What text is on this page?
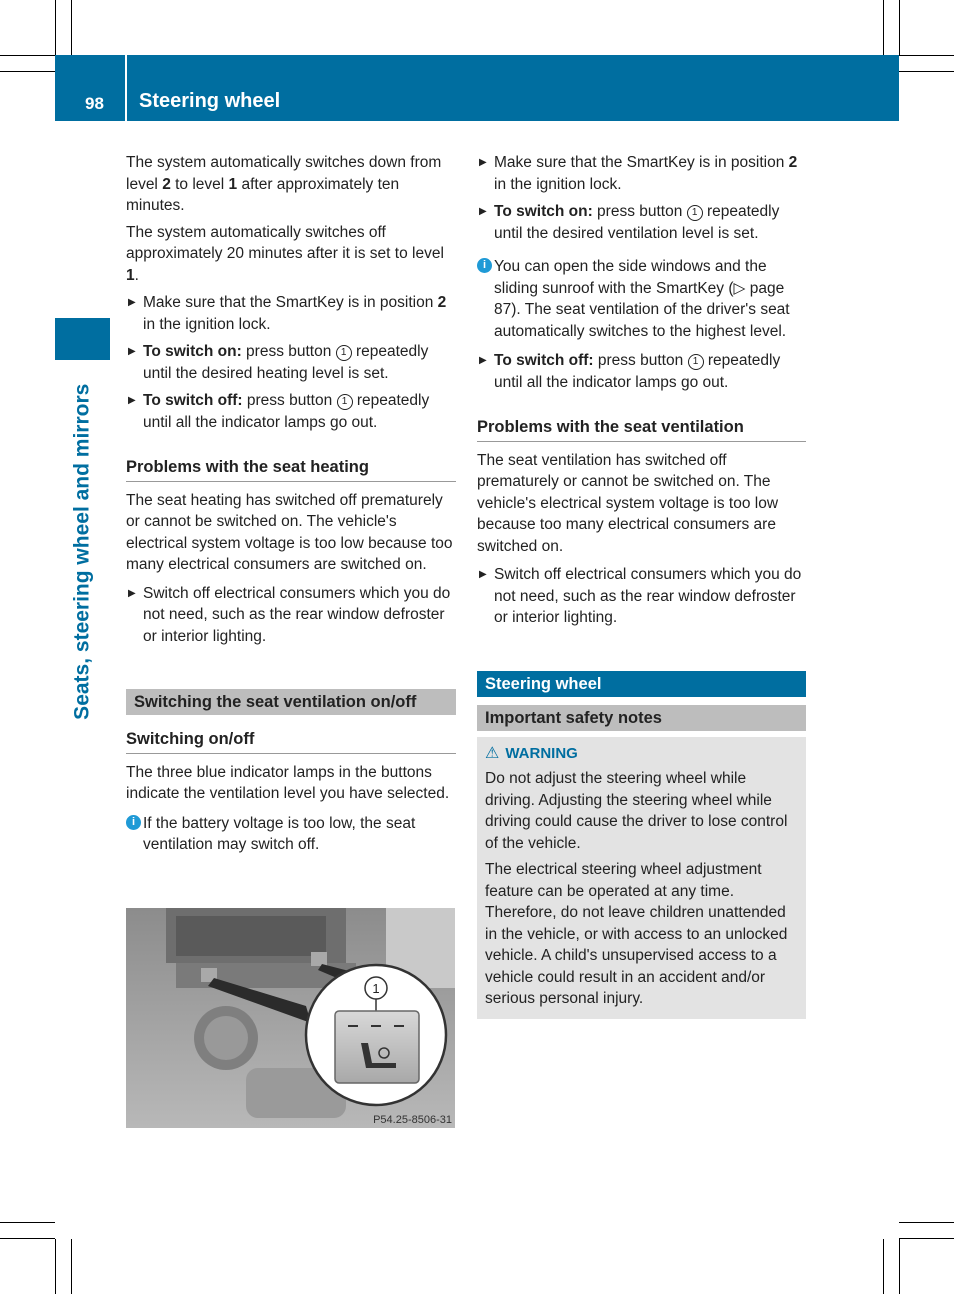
98 Steering wheel
Seats, steering wheel and mirrors

The system automatically switches down from level 2 to level 1 after approximately ten minutes.

The system automatically switches off approximately 20 minutes after it is set to level 1.

▶ Make sure that the SmartKey is in position 2 in the ignition lock.
▶ To switch on: press button 1 repeatedly until the desired heating level is set.
▶ To switch off: press button 1 repeatedly until all the indicator lamps go out.
Problems with the seat heating

The seat heating has switched off prematurely or cannot be switched on. The vehicle's electrical system voltage is too low because too many electrical consumers are switched on.

▶ Switch off electrical consumers which you do not need, such as the rear window defroster or interior lighting.
Switching the seat ventilation on/off
Switching on/off

The three blue indicator lamps in the buttons indicate the ventilation level you have selected.

i If the battery voltage is too low, the seat ventilation may switch off.
1
P54.25-8506-31
▶ Make sure that the SmartKey is in position 2 in the ignition lock.
▶ To switch on: press button 1 repeatedly until the desired ventilation level is set.
i You can open the side windows and the sliding sunroof with the SmartKey (▷ page 87). The seat ventilation of the driver's seat automatically switches to the highest level.
▶ To switch off: press button 1 repeatedly until all the indicator lamps go out.
Problems with the seat ventilation

The seat ventilation has switched off prematurely or cannot be switched on. The vehicle's electrical system voltage is too low because too many electrical consumers are switched on.

▶ Switch off electrical consumers which you do not need, such as the rear window defroster or interior lighting.
Steering wheel
Important safety notes
⚠ WARNING

Do not adjust the steering wheel while driving. Adjusting the steering wheel while driving could cause the driver to lose control of the vehicle.

The electrical steering wheel adjustment feature can be operated at any time. Therefore, do not leave children unattended in the vehicle, or with access to an unlocked vehicle. A child's unsupervised access to a vehicle could result in an accident and/or serious personal injury.
